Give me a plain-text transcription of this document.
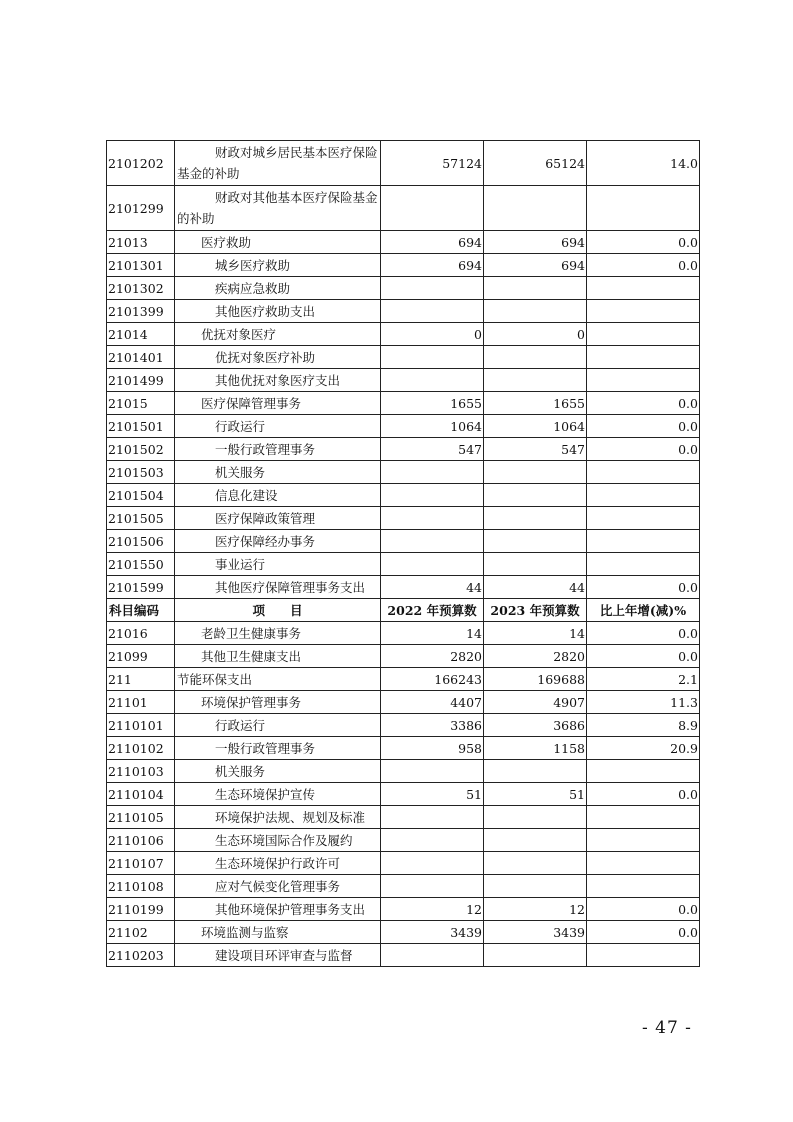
2101202	财政对城乡居民基本医疗保险基金的补助	57124	65124	14.0
2101299	财政对其他基本医疗保险基金的补助			
21013	医疗救助	694	694	0.0
2101301	城乡医疗救助	694	694	0.0
2101302	疾病应急救助			
2101399	其他医疗救助支出			
21014	优抚对象医疗	0	0	
2101401	优抚对象医疗补助			
2101499	其他优抚对象医疗支出			
21015	医疗保障管理事务	1655	1655	0.0
2101501	行政运行	1064	1064	0.0
2101502	一般行政管理事务	547	547	0.0
2101503	机关服务			
2101504	信息化建设			
2101505	医疗保障政策管理			
2101506	医疗保障经办事务			
2101550	事业运行			
2101599	其他医疗保障管理事务支出	44	44	0.0
科目编码	项　　目	2022 年预算数	2023 年预算数	比上年增(减)%
21016	老龄卫生健康事务	14	14	0.0
21099	其他卫生健康支出	2820	2820	0.0
211	节能环保支出	166243	169688	2.1
21101	环境保护管理事务	4407	4907	11.3
2110101	行政运行	3386	3686	8.9
2110102	一般行政管理事务	958	1158	20.9
2110103	机关服务			
2110104	生态环境保护宣传	51	51	0.0
2110105	环境保护法规、规划及标准			
2110106	生态环境国际合作及履约			
2110107	生态环境保护行政许可			
2110108	应对气候变化管理事务			
2110199	其他环境保护管理事务支出	12	12	0.0
21102	环境监测与监察	3439	3439	0.0
2110203	建设项目环评审查与监督			
- 47 -
